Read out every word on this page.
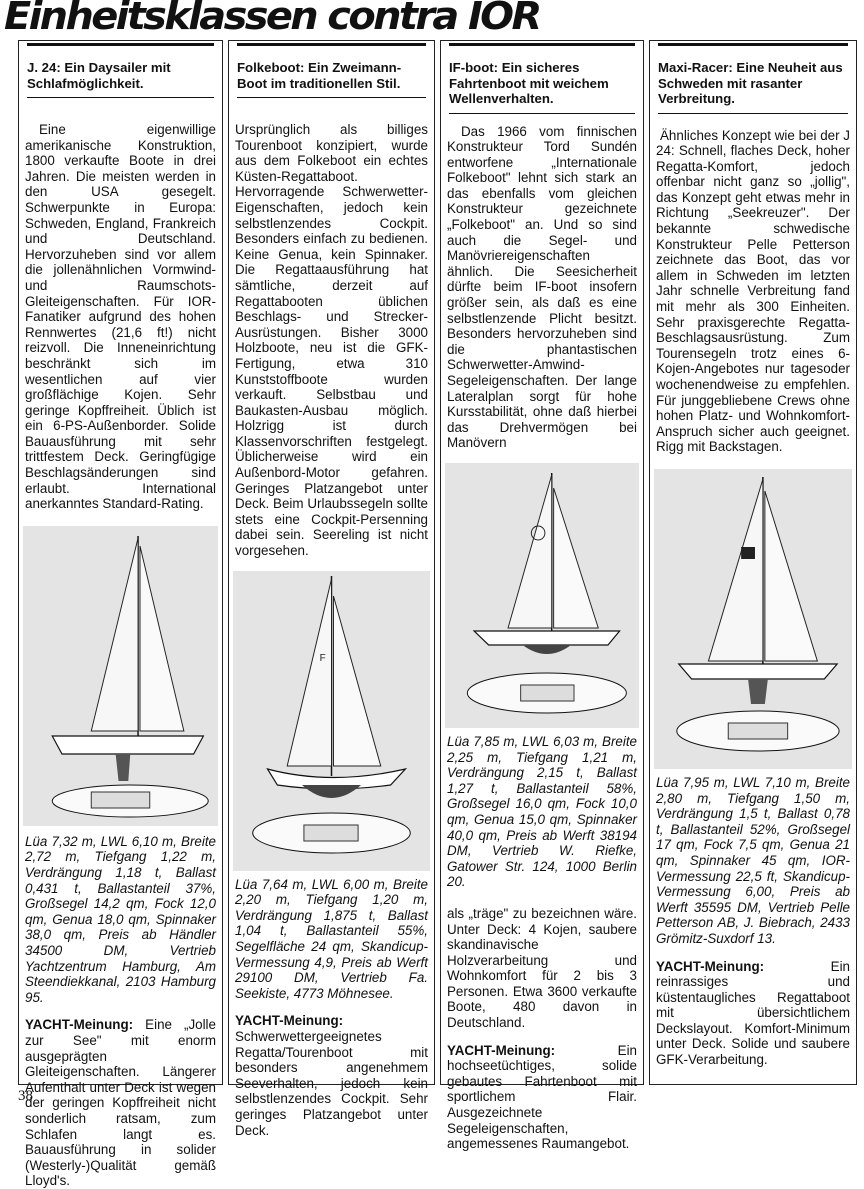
Einheitsklassen contra IOR
J. 24: Ein Daysailer mit Schlafmöglichkeit.
Eine eigenwillige amerikanische Konstruktion, 1800 verkaufte Boote in drei Jahren. Die meisten werden in den USA gesegelt. Schwerpunkte in Europa: Schweden, England, Frankreich und Deutschland. Hervorzuheben sind vor allem die jollenähnlichen Vormwind- und Raumschots-Gleiteigenschaften. Für IOR-Fanatiker aufgrund des hohen Rennwertes (21,6 ft!) nicht reizvoll. Die Inneneinrichtung beschränkt sich im wesentlichen auf vier großflächige Kojen. Sehr geringe Kopffreiheit. Üblich ist ein 6-PS-Außenborder. Solide Bauausführung mit sehr trittfestem Deck. Geringfügige Beschlagsänderungen sind erlaubt. International anerkanntes Standard-Rating.
Lüa 7,32 m, LWL 6,10 m, Breite 2,72 m, Tiefgang 1,22 m, Verdrängung 1,18 t, Ballast 0,431 t, Ballastanteil 37%, Großsegel 14,2 qm, Fock 12,0 qm, Genua 18,0 qm, Spinnaker 38,0 qm, Preis ab Händler 34500 DM, Vertrieb Yachtzentrum Hamburg, Am Steendiekkanal, 2103 Hamburg 95.
YACHT-Meinung: Eine „Jolle zur See" mit enorm ausgeprägten Gleiteigenschaften. Längerer Aufenthalt unter Deck ist wegen der geringen Kopffreiheit nicht sonderlich ratsam, zum Schlafen langt es. Bauausführung in solider (Westerly-)Qualität gemäß Lloyd's.
Folkeboot: Ein Zweimann-Boot im traditionellen Stil.
Ursprünglich als billiges Tourenboot konzipiert, wurde aus dem Folkeboot ein echtes Küsten-Regattaboot. Hervorragende Schwerwetter-Eigenschaften, jedoch kein selbstlenzendes Cockpit. Besonders einfach zu bedienen. Keine Genua, kein Spinnaker. Die Regattaausführung hat sämtliche, derzeit auf Regattabooten üblichen Beschlags- und Strecker-Ausrüstungen. Bisher 3000 Holzboote, neu ist die GFK-Fertigung, etwa 310 Kunststoffboote wurden verkauft. Selbstbau und Baukasten-Ausbau möglich. Holzrigg ist durch Klassenvorschriften festgelegt. Üblicherweise wird ein Außenbord-Motor gefahren. Geringes Platzangebot unter Deck. Beim Urlaubssegeln sollte stets eine Cockpit-Persenning dabei sein. Seereling ist nicht vorgesehen.
F
Lüa 7,64 m, LWL 6,00 m, Breite 2,20 m, Tiefgang 1,20 m, Verdrängung 1,875 t, Ballast 1,04 t, Ballastanteil 55%, Segelfläche 24 qm, Skandicup-Vermessung 4,9, Preis ab Werft 29100 DM, Vertrieb Fa. Seekiste, 4773 Möhnesee.
YACHT-Meinung: Schwerwettergeeignetes Regatta/Tourenboot mit besonders angenehmem Seeverhalten, jedoch kein selbstlenzendes Cockpit. Sehr geringes Platzangebot unter Deck.
IF-boot: Ein sicheres Fahrtenboot mit weichem Wellenverhalten.
Das 1966 vom finnischen Konstrukteur Tord Sundén entworfene „Internationale Folkeboot" lehnt sich stark an das ebenfalls vom gleichen Konstrukteur gezeichnete „Folkeboot" an. Und so sind auch die Segel- und Manövriereigenschaften ähnlich. Die Seesicherheit dürfte beim IF-boot insofern größer sein, als daß es eine selbstlenzende Plicht besitzt. Besonders hervorzuheben sind die phantastischen Schwerwetter-Amwind-Segeleigenschaften. Der lange Lateralplan sorgt für hohe Kursstabilität, ohne daß hierbei das Drehvermögen bei Manövern
Lüa 7,85 m, LWL 6,03 m, Breite 2,25 m, Tiefgang 1,21 m, Verdrängung 2,15 t, Ballast 1,27 t, Ballastanteil 58%, Großsegel 16,0 qm, Fock 10,0 qm, Genua 15,0 qm, Spinnaker 40,0 qm, Preis ab Werft 38194 DM, Vertrieb W. Riefke, Gatower Str. 124, 1000 Berlin 20.
als „träge" zu bezeichnen wäre. Unter Deck: 4 Kojen, saubere skandinavische Holzverarbeitung und Wohnkomfort für 2 bis 3 Personen. Etwa 3600 verkaufte Boote, 480 davon in Deutschland.
YACHT-Meinung:	Ein hochseetüchtiges, solide gebautes Fahrtenboot mit sportlichem Flair. Ausgezeichnete Segeleigenschaften, angemessenes Raumangebot.
Maxi-Racer: Eine Neuheit aus Schweden mit rasanter Verbreitung.
Ähnliches Konzept wie bei der J 24: Schnell, flaches Deck, hoher Regatta-Komfort, jedoch offenbar nicht ganz so „jollig", das Konzept geht etwas mehr in Richtung „Seekreuzer". Der bekannte schwedische Konstrukteur Pelle Petterson zeichnete das Boot, das vor allem in Schweden im letzten Jahr schnelle Verbreitung fand mit mehr als 300 Einheiten. Sehr praxisgerechte Regatta-Beschlagsausrüstung. Zum Tourensegeln trotz eines 6-Kojen-Angebotes nur tagesoder wochenendweise zu empfehlen. Für junggebliebene Crews ohne hohen Platz- und Wohnkomfort-Anspruch sicher auch geeignet. Rigg mit Backstagen.
Lüa 7,95 m, LWL 7,10 m, Breite 2,80 m, Tiefgang 1,50 m, Verdrängung 1,5 t, Ballast 0,78 t, Ballastanteil 52%, Großsegel 17 qm, Fock 7,5 qm, Genua 21 qm, Spinnaker 45 qm, IOR-Vermessung 22,5 ft, Skandicup-Vermessung 6,00, Preis ab Werft 35595 DM, Vertrieb Pelle Petterson AB, J. Biebrach, 2433 Grömitz-Suxdorf 13.
YACHT-Meinung:	Ein reinrassiges und küstentaugliches Regattaboot mit übersichtlichem Deckslayout. Komfort-Minimum unter Deck. Solide und saubere GFK-Verarbeitung.
38
